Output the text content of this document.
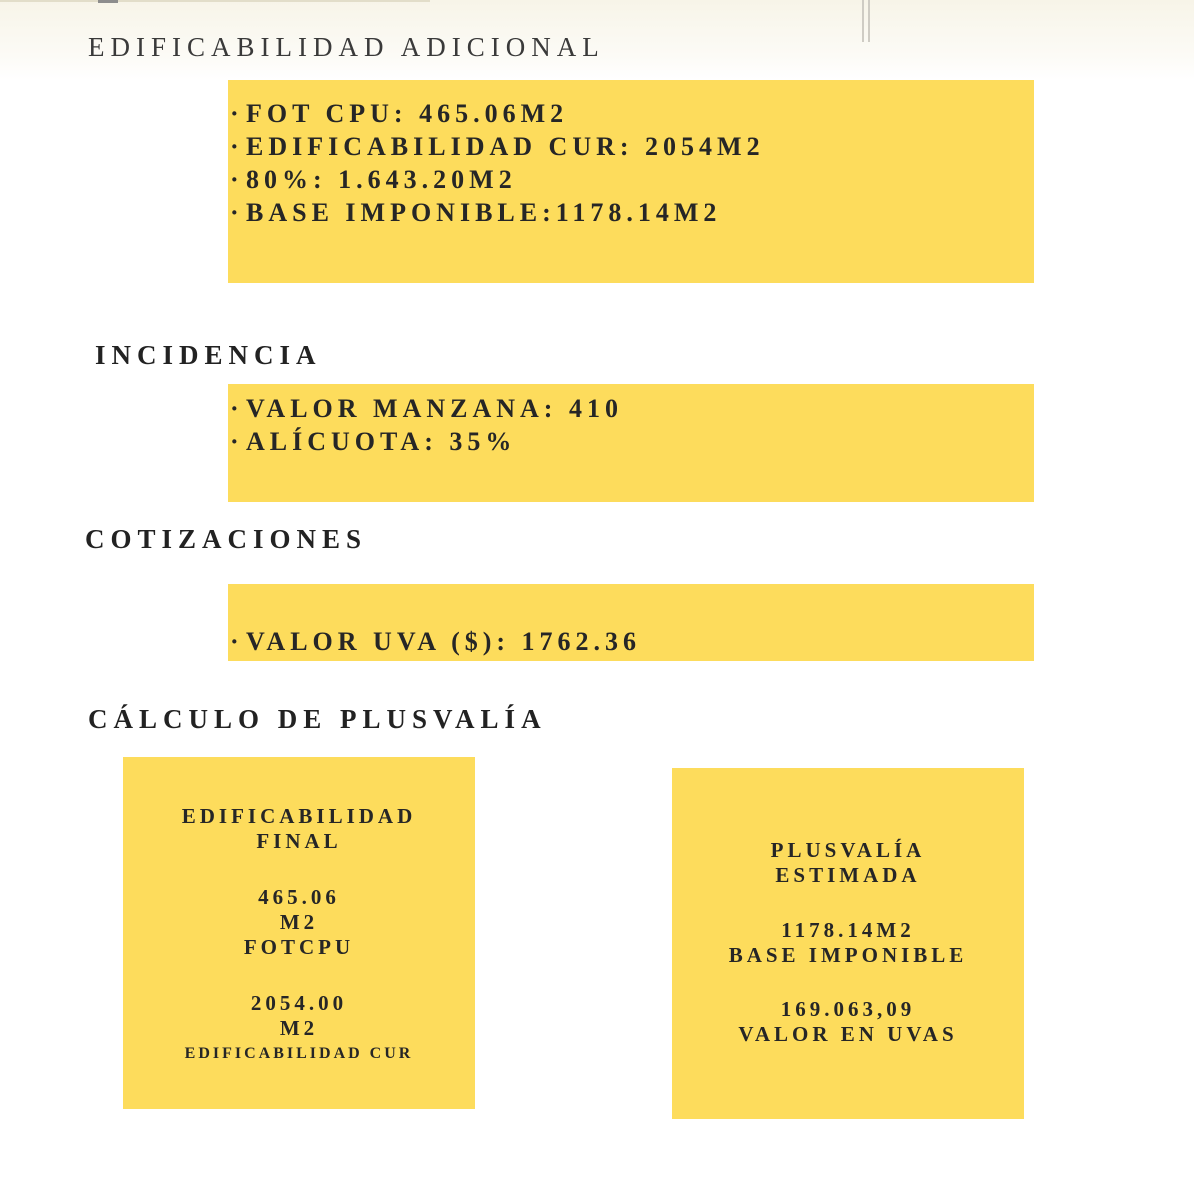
EDIFICABILIDAD ADICIONAL
· FOT CPU: 465.06M2
· EDIFICABILIDAD CUR: 2054M2
· 80%: 1.643.20M2
· BASE IMPONIBLE:1178.14M2
INCIDENCIA
· VALOR MANZANA: 410
· ALÍCUOTA: 35%
COTIZACIONES
· VALOR UVA ($): 1762.36
CÁLCULO DE PLUSVALÍA
EDIFICABILIDAD
FINAL
465.06
M2
FOTCPU
2054.00
M2
EDIFICABILIDAD CUR
PLUSVALÍA
ESTIMADA
1178.14M2
BASE IMPONIBLE
169.063,09
VALOR EN UVAS
